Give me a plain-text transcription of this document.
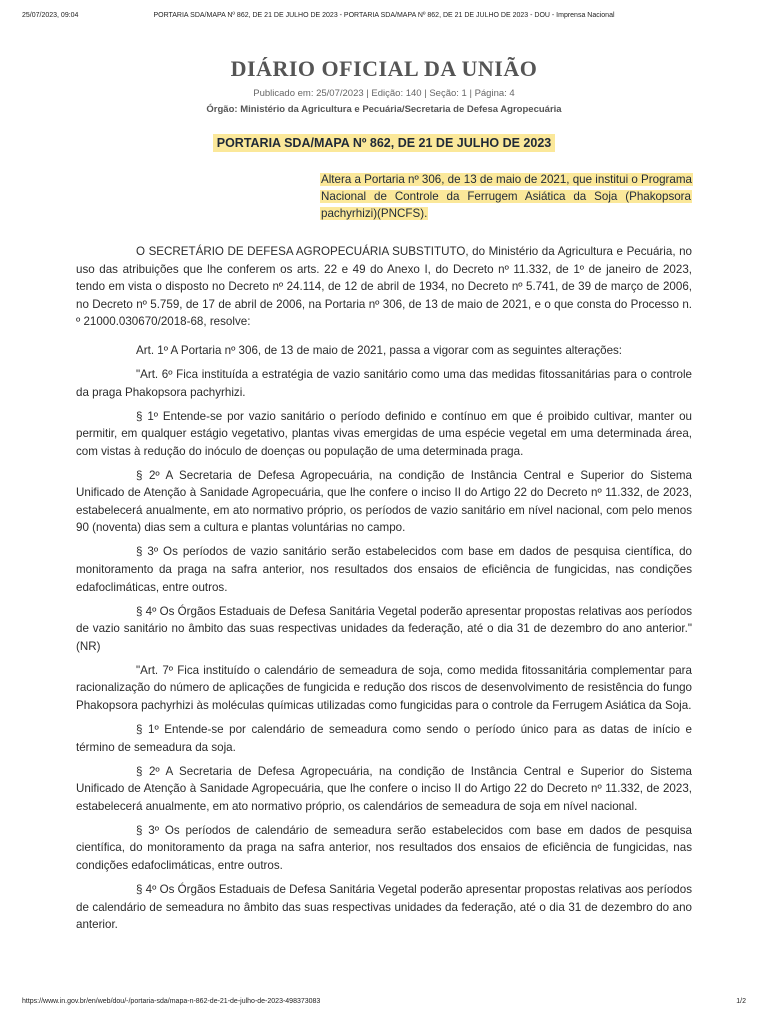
25/07/2023, 09:04	PORTARIA SDA/MAPA Nº 862, DE 21 DE JULHO DE 2023 - PORTARIA SDA/MAPA Nº 862, DE 21 DE JULHO DE 2023 - DOU - Imprensa Nacional
DIÁRIO OFICIAL DA UNIÃO
Publicado em: 25/07/2023 | Edição: 140 | Seção: 1 | Página: 4
Órgão: Ministério da Agricultura e Pecuária/Secretaria de Defesa Agropecuária
PORTARIA SDA/MAPA Nº 862, DE 21 DE JULHO DE 2023

Altera a Portaria nº 306, de 13 de maio de 2021, que institui o Programa Nacional de Controle da Ferrugem Asiática da Soja (Phakopsora pachyrhizi)(PNCFS).

O SECRETÁRIO DE DEFESA AGROPECUÁRIA SUBSTITUTO, do Ministério da Agricultura e Pecuária, no uso das atribuições que lhe conferem os arts. 22 e 49 do Anexo I, do Decreto nº 11.332, de 1º de janeiro de 2023, tendo em vista o disposto no Decreto nº 24.114, de 12 de abril de 1934, no Decreto nº 5.741, de 39 de março de 2006, no Decreto nº 5.759, de 17 de abril de 2006, na Portaria nº 306, de 13 de maio de 2021, e o que consta do Processo n. º 21000.030670/2018-68, resolve:

Art. 1º A Portaria nº 306, de 13 de maio de 2021, passa a vigorar com as seguintes alterações:

"Art. 6º Fica instituída a estratégia de vazio sanitário como uma das medidas fitossanitárias para o controle da praga Phakopsora pachyrhizi.

§ 1º Entende-se por vazio sanitário o período definido e contínuo em que é proibido cultivar, manter ou permitir, em qualquer estágio vegetativo, plantas vivas emergidas de uma espécie vegetal em uma determinada área, com vistas à redução do inóculo de doenças ou população de uma determinada praga.

§ 2º A Secretaria de Defesa Agropecuária, na condição de Instância Central e Superior do Sistema Unificado de Atenção à Sanidade Agropecuária, que lhe confere o inciso II do Artigo 22 do Decreto nº 11.332, de 2023, estabelecerá anualmente, em ato normativo próprio, os períodos de vazio sanitário em nível nacional, com pelo menos 90 (noventa) dias sem a cultura e plantas voluntárias no campo.

§ 3º Os períodos de vazio sanitário serão estabelecidos com base em dados de pesquisa científica, do monitoramento da praga na safra anterior, nos resultados dos ensaios de eficiência de fungicidas, nas condições edafoclimáticas, entre outros.

§ 4º Os Órgãos Estaduais de Defesa Sanitária Vegetal poderão apresentar propostas relativas aos períodos de vazio sanitário no âmbito das suas respectivas unidades da federação, até o dia 31 de dezembro do ano anterior." (NR)

"Art. 7º Fica instituído o calendário de semeadura de soja, como medida fitossanitária complementar para racionalização do número de aplicações de fungicida e redução dos riscos de desenvolvimento de resistência do fungo Phakopsora pachyrhizi às moléculas químicas utilizadas como fungicidas para o controle da Ferrugem Asiática da Soja.

§ 1º Entende-se por calendário de semeadura como sendo o período único para as datas de início e término de semeadura da soja.

§ 2º A Secretaria de Defesa Agropecuária, na condição de Instância Central e Superior do Sistema Unificado de Atenção à Sanidade Agropecuária, que lhe confere o inciso II do Artigo 22 do Decreto nº 11.332, de 2023, estabelecerá anualmente, em ato normativo próprio, os calendários de semeadura de soja em nível nacional.

§ 3º Os períodos de calendário de semeadura serão estabelecidos com base em dados de pesquisa científica, do monitoramento da praga na safra anterior, nos resultados dos ensaios de eficiência de fungicidas, nas condições edafoclimáticas, entre outros.

§ 4º Os Órgãos Estaduais de Defesa Sanitária Vegetal poderão apresentar propostas relativas aos períodos de calendário de semeadura no âmbito das suas respectivas unidades da federação, até o dia 31 de dezembro do ano anterior.

https://www.in.gov.br/en/web/dou/-/portaria-sda/mapa-n-862-de-21-de-julho-de-2023-498373083	1/2
